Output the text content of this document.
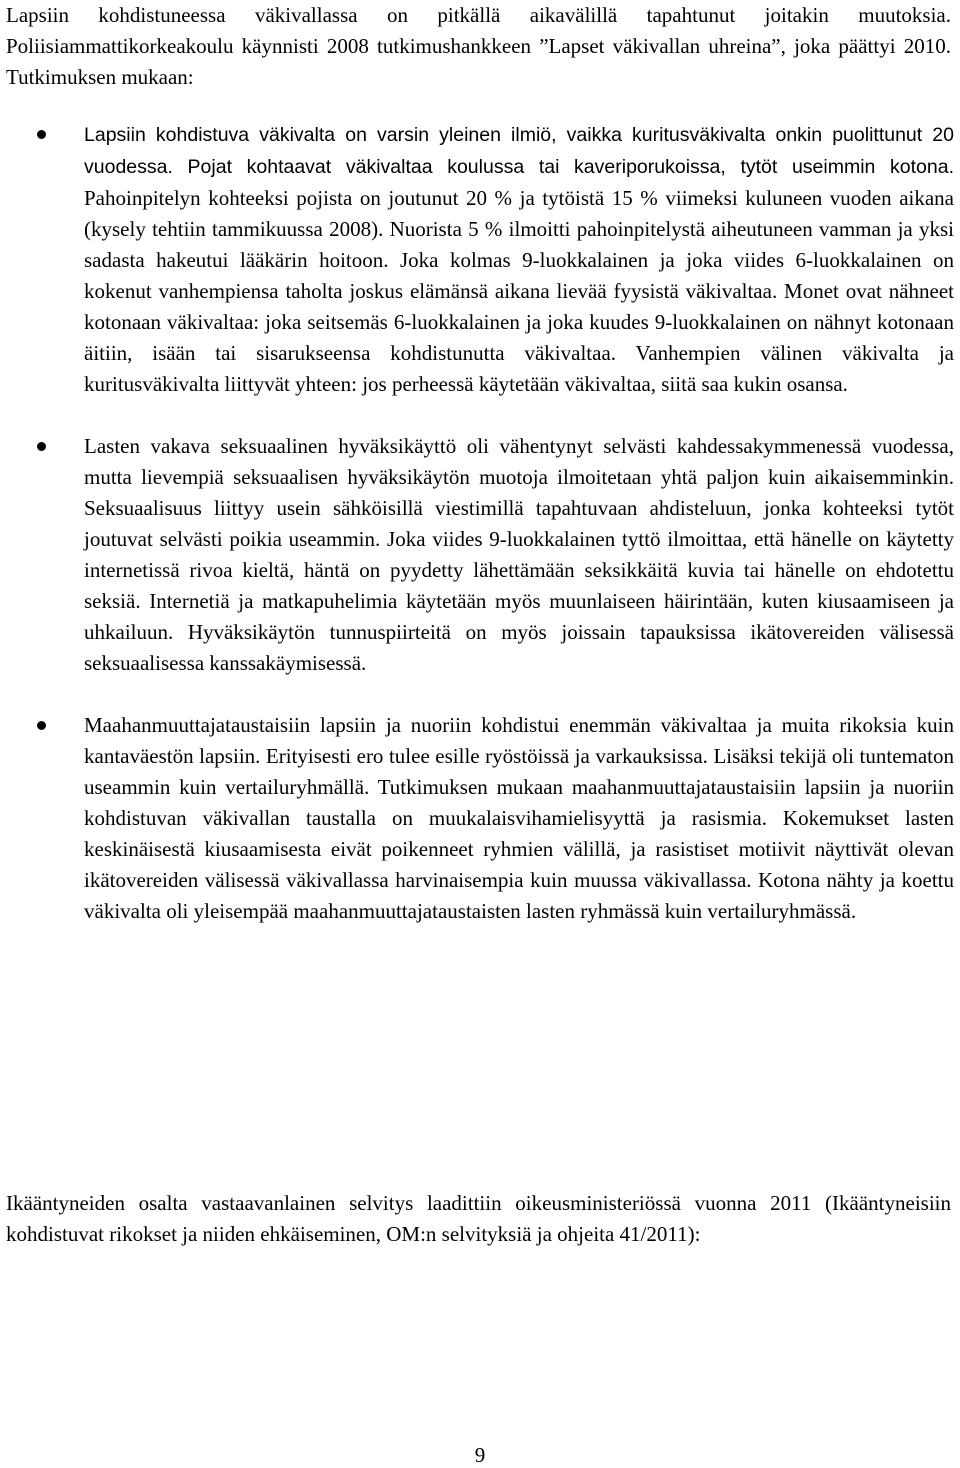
Lapsiin kohdistuneessa väkivallassa on pitkällä aikavälillä tapahtunut joitakin muutoksia. Poliisiammattikorkeakoulu käynnisti 2008 tutkimushankkeen ”Lapset väkivallan uhreina”, joka päättyi 2010. Tutkimuksen mukaan:

Lapsiin kohdistuva väkivalta on varsin yleinen ilmiö, vaikka kuritusväkivalta onkin puolittunut 20 vuodessa. Pojat kohtaavat väkivaltaa koulussa tai kaveriporukoissa, tytöt useimmin kotona. Pahoinpitelyn kohteeksi pojista on joutunut 20 % ja tytöistä 15 % viimeksi kuluneen vuoden aikana (kysely tehtiin tammikuussa 2008). Nuorista 5 % ilmoitti pahoinpitelystä aiheutuneen vamman ja yksi sadasta hakeutui lääkärin hoitoon. Joka kolmas 9-luokkalainen ja joka viides 6-luokkalainen on kokenut vanhempiensa taholta joskus elämänsä aikana lievää fyysistä väkivaltaa. Monet ovat nähneet kotonaan väkivaltaa: joka seitsemäs 6-luokkalainen ja joka kuudes 9-luokkalainen on nähnyt kotonaan äitiin, isään tai sisarukseensa kohdistunutta väkivaltaa. Vanhempien välinen väkivalta ja kuritusväkivalta liittyvät yhteen: jos perheessä käytetään väkivaltaa, siitä saa kukin osansa.
Lasten vakava seksuaalinen hyväksikäyttö oli vähentynyt selvästi kahdessakymmenessä vuodessa, mutta lievempiä seksuaalisen hyväksikäytön muotoja ilmoitetaan yhtä paljon kuin aikaisemminkin. Seksuaalisuus liittyy usein sähköisillä viestimillä tapahtuvaan ahdisteluun, jonka kohteeksi tytöt joutuvat selvästi poikia useammin. Joka viides 9-luokkalainen tyttö ilmoittaa, että hänelle on käytetty internetissä rivoa kieltä, häntä on pyydetty lähettämään seksikkäitä kuvia tai hänelle on ehdotettu seksiä. Internetiä ja matkapuhelimia käytetään myös muunlaiseen häirintään, kuten kiusaamiseen ja uhkailuun. Hyväksikäytön tunnuspiirteitä on myös joissain tapauksissa ikätovereiden välisessä seksuaalisessa kanssakäymisessä.
Maahanmuuttajataustaisiin lapsiin ja nuoriin kohdistui enemmän väkivaltaa ja muita rikoksia kuin kantaväestön lapsiin. Erityisesti ero tulee esille ryöstöissä ja varkauksissa. Lisäksi tekijä oli tuntematon useammin kuin vertailuryhmällä. Tutkimuksen mukaan maahanmuuttajataustaisiin lapsiin ja nuoriin kohdistuvan väkivallan taustalla on muukalaisvihamielisyyttä ja rasismia. Kokemukset lasten keskinäisestä kiusaamisesta eivät poikenneet ryhmien välillä, ja rasistiset motiivit näyttivät olevan ikätovereiden välisessä väkivallassa harvinaisempia kuin muussa väkivallassa. Kotona nähty ja koettu väkivalta oli yleisempää maahanmuuttajataustaisten lasten ryhmässä kuin vertailuryhmässä.

Ikääntyneiden osalta vastaavanlainen selvitys laadittiin oikeusministeriössä vuonna 2011 (Ikääntyneisiin kohdistuvat rikokset ja niiden ehkäiseminen, OM:n selvityksiä ja ohjeita 41/2011):

9
